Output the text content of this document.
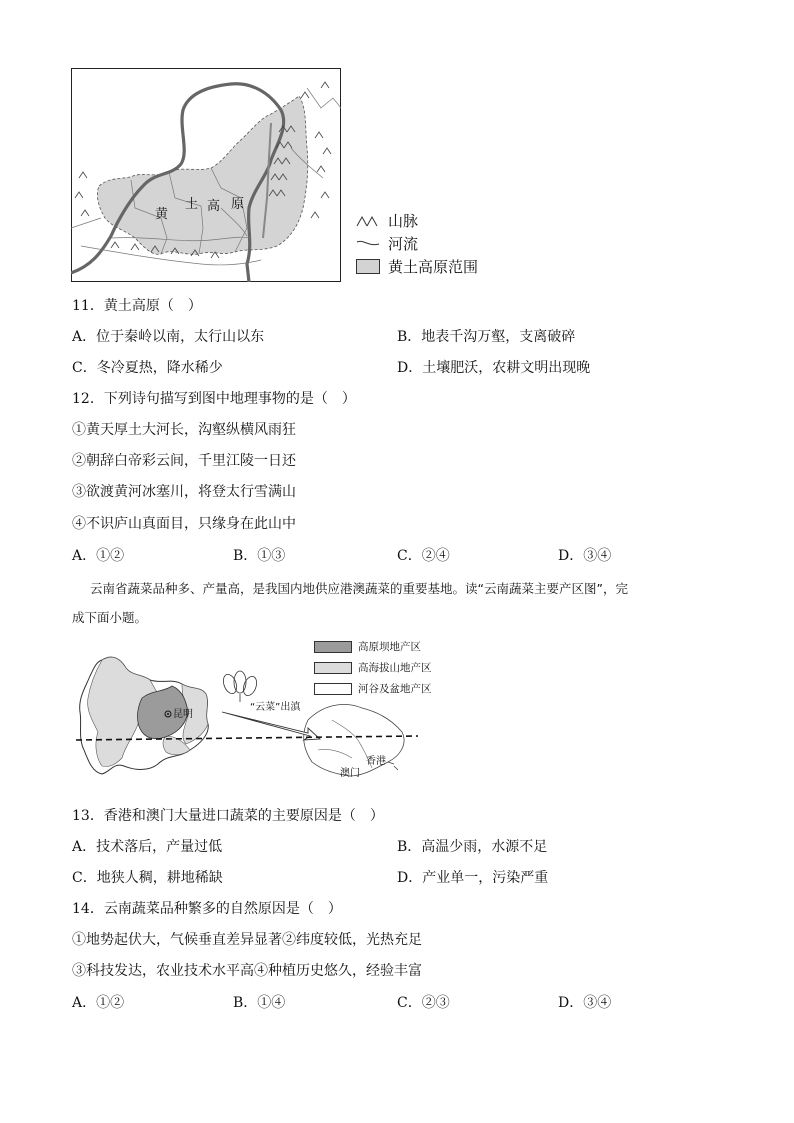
黄
土 高 原
山脉
河流
黄土高原范围
11．黄土高原（　）
A．位于秦岭以南，太行山以东	B．地表千沟万壑，支离破碎
C．冬冷夏热，降水稀少	D．土壤肥沃，农耕文明出现晚
12．下列诗句描写到图中地理事物的是（　）
①黄天厚土大河长，沟壑纵横风雨狂
②朝辞白帝彩云间，千里江陵一日还
③欲渡黄河冰塞川，将登太行雪满山
④不识庐山真面目，只缘身在此山中
A．①②	B．①③	C．②④	D．③④
云南省蔬菜品种多、产量高，是我国内地供应港澳蔬菜的重要基地。读“云南蔬菜主要产区图”，完
成下面小题。
昆明
“云菜”出滇
香港
澳门
高原坝地产区
高海拔山地产区
河谷及盆地产区
13．香港和澳门大量进口蔬菜的主要原因是（　）
A．技术落后，产量过低	B．高温少雨，水源不足
C．地狭人稠，耕地稀缺	D．产业单一，污染严重
14．云南蔬菜品种繁多的自然原因是（　）
①地势起伏大，气候垂直差异显著②纬度较低，光热充足
③科技发达，农业技术水平高④种植历史悠久，经验丰富
A．①②	B．①④	C．②③	D．③④
